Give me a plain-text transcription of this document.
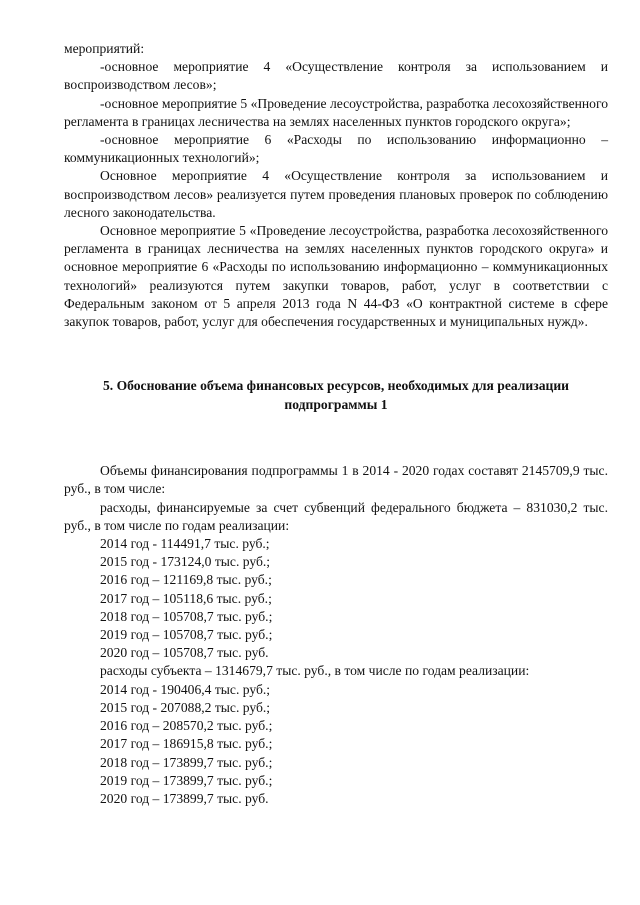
мероприятий:

-основное мероприятие 4 «Осуществление контроля за использованием и воспроизводством лесов»;

-основное мероприятие 5 «Проведение лесоустройства, разработка лесохозяйственного регламента в границах лесничества на землях населенных пунктов городского округа»;

-основное мероприятие 6 «Расходы по использованию информационно – коммуникационных технологий»;

Основное мероприятие 4 «Осуществление контроля за использованием и воспроизводством лесов» реализуется путем проведения плановых проверок по соблюдению лесного законодательства.

Основное мероприятие 5 «Проведение лесоустройства, разработка лесохозяйственного регламента в границах лесничества на землях населенных пунктов городского округа» и основное мероприятие 6 «Расходы по использованию информационно – коммуникационных технологий» реализуются путем закупки товаров, работ, услуг в соответствии с Федеральным законом от 5 апреля 2013 года N 44-ФЗ «О контрактной системе в сфере закупок товаров, работ, услуг для обеспечения государственных и муниципальных нужд».

5. Обоснование объема финансовых ресурсов, необходимых для реализации
подпрограммы 1

Объемы финансирования подпрограммы 1 в 2014 - 2020 годах составят 2145709,9 тыс. руб., в том числе:

расходы, финансируемые за счет субвенций федерального бюджета – 831030,2 тыс. руб., в том числе по годам реализации:

2014 год - 114491,7 тыс. руб.;

2015 год - 173124,0 тыс. руб.;

2016 год – 121169,8 тыс. руб.;

2017 год – 105118,6 тыс. руб.;

2018 год – 105708,7 тыс. руб.;

2019 год – 105708,7 тыс. руб.;

2020 год – 105708,7 тыс. руб.

расходы субъекта – 1314679,7 тыс. руб., в том числе по годам реализации:

2014 год - 190406,4 тыс. руб.;

2015 год - 207088,2 тыс. руб.;

2016 год – 208570,2 тыс. руб.;

2017 год – 186915,8 тыс. руб.;

2018 год – 173899,7 тыс. руб.;

2019 год – 173899,7 тыс. руб.;

2020 год – 173899,7 тыс. руб.
